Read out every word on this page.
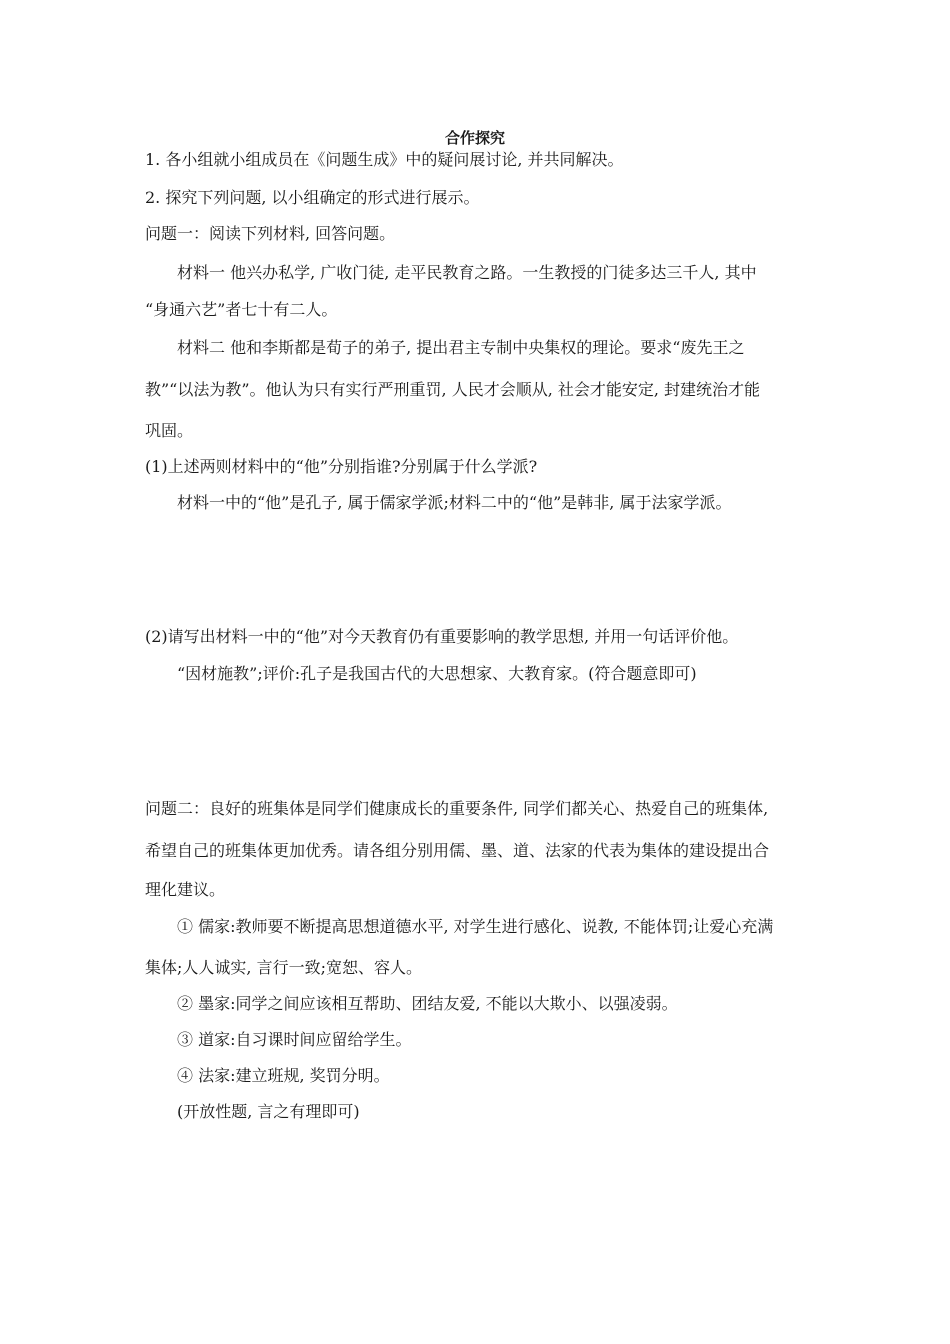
合作探究
1. 各小组就小组成员在《问题生成》中的疑问展讨论, 并共同解决。
2. 探究下列问题, 以小组确定的形式进行展示。
问题一：阅读下列材料, 回答问题。
材料一 他兴办私学, 广收门徒, 走平民教育之路。一生教授的门徒多达三千人, 其中
“身通六艺”者七十有二人。
材料二 他和李斯都是荀子的弟子, 提出君主专制中央集权的理论。要求“废先王之
教”“以法为教”。他认为只有实行严刑重罚, 人民才会顺从, 社会才能安定, 封建统治才能
巩固。
(1)上述两则材料中的“他”分别指谁?分别属于什么学派?
材料一中的“他”是孔子, 属于儒家学派;材料二中的“他”是韩非, 属于法家学派。
(2)请写出材料一中的“他”对今天教育仍有重要影响的教学思想, 并用一句话评价他。
“因材施教”;评价:孔子是我国古代的大思想家、大教育家。(符合题意即可)
问题二：良好的班集体是同学们健康成长的重要条件, 同学们都关心、热爱自己的班集体,
希望自己的班集体更加优秀。请各组分别用儒、墨、道、法家的代表为集体的建设提出合
理化建议。
① 儒家:教师要不断提高思想道德水平, 对学生进行感化、说教, 不能体罚;让爱心充满
集体;人人诚实, 言行一致;宽恕、容人。
② 墨家:同学之间应该相互帮助、团结友爱, 不能以大欺小、以强凌弱。
③ 道家:自习课时间应留给学生。
④ 法家:建立班规, 奖罚分明。
(开放性题, 言之有理即可)
